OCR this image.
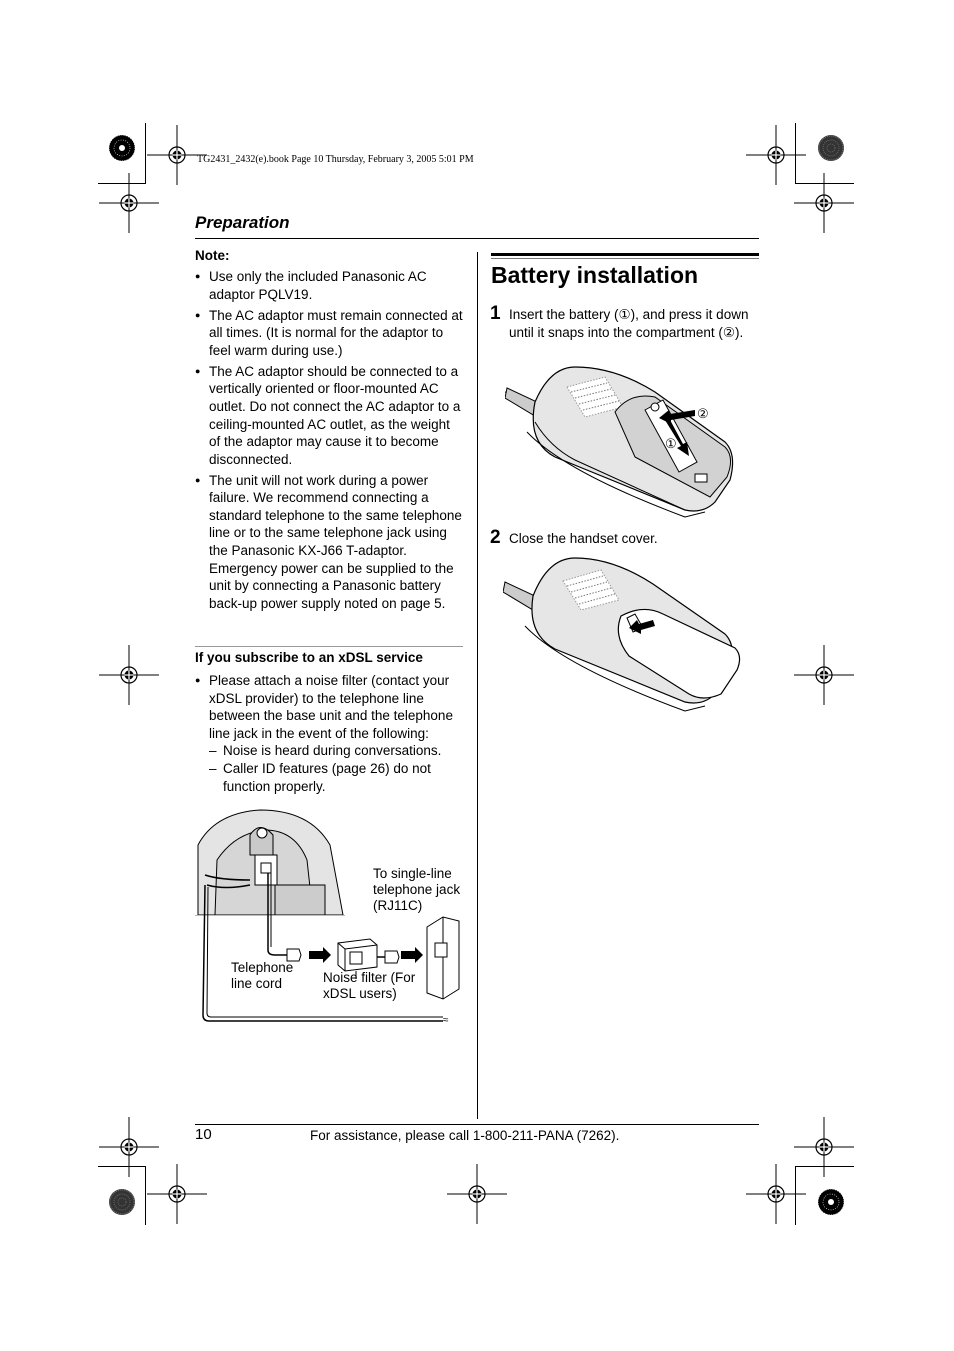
TG2431_2432(e).book Page 10 Thursday, February 3, 2005 5:01 PM
Preparation
Note:
● Use only the included Panasonic AC adaptor PQLV19.
● The AC adaptor must remain connected at all times. (It is normal for the adaptor to feel warm during use.)
● The AC adaptor should be connected to a vertically oriented or floor-mounted AC outlet. Do not connect the AC adaptor to a ceiling-mounted AC outlet, as the weight of the adaptor may cause it to become disconnected.
● The unit will not work during a power failure. We recommend connecting a standard telephone to the same telephone line or to the same telephone jack using the Panasonic KX-J66 T-adaptor. Emergency power can be supplied to the unit by connecting a Panasonic battery back-up power supply noted on page 5.
If you subscribe to an xDSL service
● Please attach a noise filter (contact your xDSL provider) to the telephone line between the base unit and the telephone line jack in the event of the following:
– Noise is heard during conversations.
– Caller ID features (page 26) do not function properly.
≈
To single-line telephone jack (RJ11C)
Telephone line cord	Noise filter (For xDSL users)
Battery installation
1 Insert the battery (①), and press it down until it snaps into the compartment (②).
①
②
2 Close the handset cover.
10	For assistance, please call 1-800-211-PANA (7262).
